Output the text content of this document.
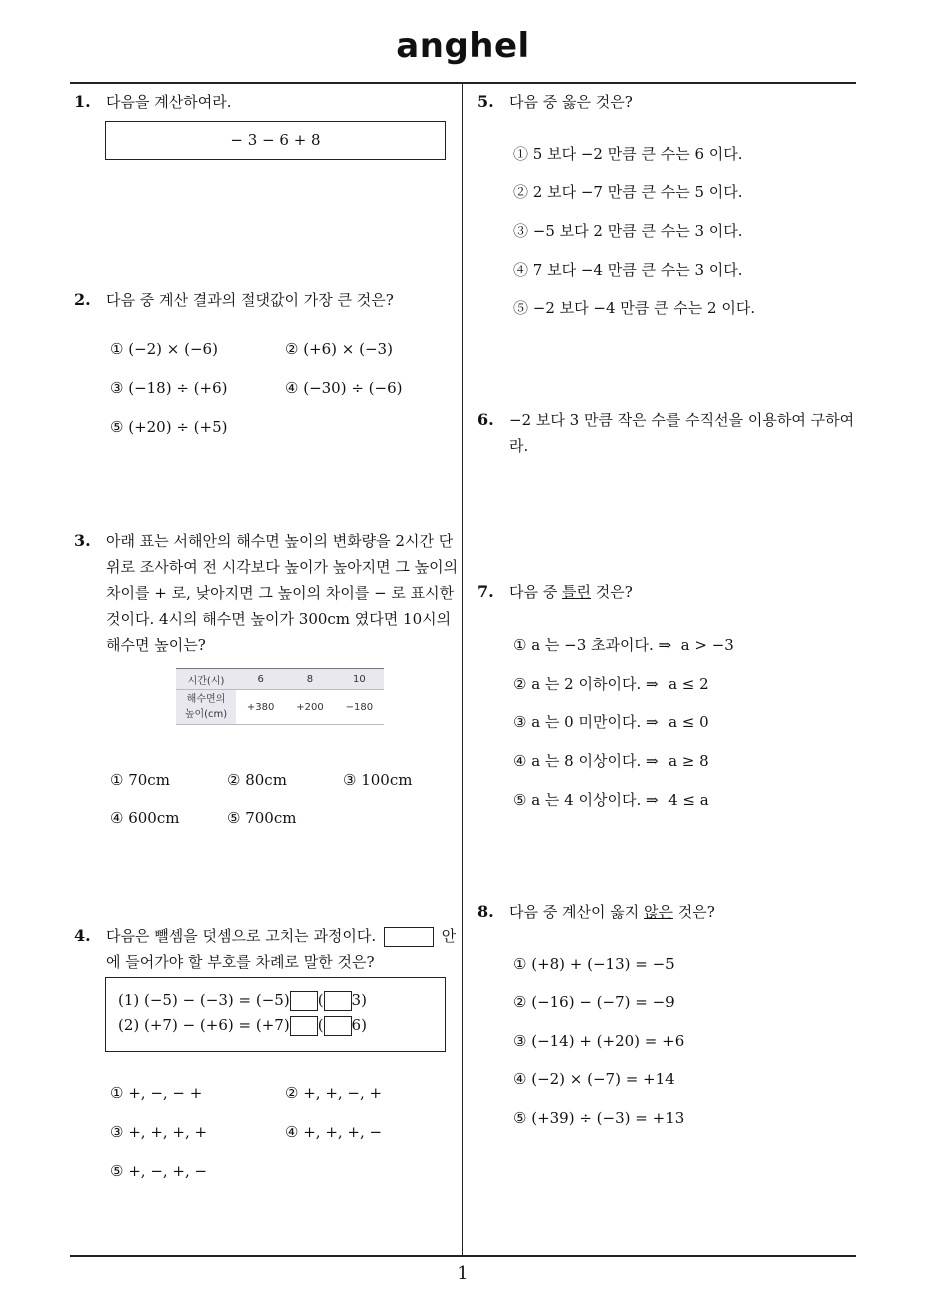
anghel
1
1. 다음을 계산하여라.
− 3 − 6 + 8
2. 다음 중 계산 결과의 절댓값이 가장 큰 것은?
① (−2) × (−6)	② (+6) × (−3)
③ (−18) ÷ (+6)	④ (−30) ÷ (−6)
⑤ (+20) ÷ (+5)
3. 아래 표는 서해안의 해수면 높이의 변화량을 2시간 단
위로 조사하여 전 시각보다 높이가 높아지면 그 높이의
차이를 + 로, 낮아지면 그 높이의 차이를 − 로 표시한
것이다. 4시의 해수면 높이가 300cm 였다면 10시의
해수면 높이는?
시간(시)	6	8	10
해수면의
높이(cm)	+380	+200	−180
① 70cm	② 80cm	③ 100cm
④ 600cm	⑤ 700cm
4. 다음은 뺄셈을 덧셈으로 고치는 과정이다.	안
에 들어가야 할 부호를 차례로 말한 것은?
(1) (−5) − (−3) = (−5) ( 3)
(2) (+7) − (+6) = (+7) ( 6)
① +, −, − +	② +, +, −, +
③ +, +, +, +	④ +, +, +, −
⑤ +, −, +, −
5. 다음 중 옳은 것은?
① 5 보다 −2 만큼 큰 수는 6 이다.
② 2 보다 −7 만큼 큰 수는 5 이다.
③ −5 보다 2 만큼 큰 수는 3 이다.
④ 7 보다 −4 만큼 큰 수는 3 이다.
⑤ −2 보다 −4 만큼 큰 수는 2 이다.
6. −2 보다 3 만큼 작은 수를 수직선을 이용하여 구하여
라.
7. 다음 중 틀린 것은?
① a 는 −3 초과이다. ⇒  a > −3
② a 는 2 이하이다. ⇒  a ≤ 2
③ a 는 0 미만이다. ⇒  a ≤ 0
④ a 는 8 이상이다. ⇒  a ≥ 8
⑤ a 는 4 이상이다. ⇒  4 ≤ a
8. 다음 중 계산이 옳지 않은 것은?
① (+8) + (−13) = −5
② (−16) − (−7) = −9
③ (−14) + (+20) = +6
④ (−2) × (−7) = +14
⑤ (+39) ÷ (−3) = +13
